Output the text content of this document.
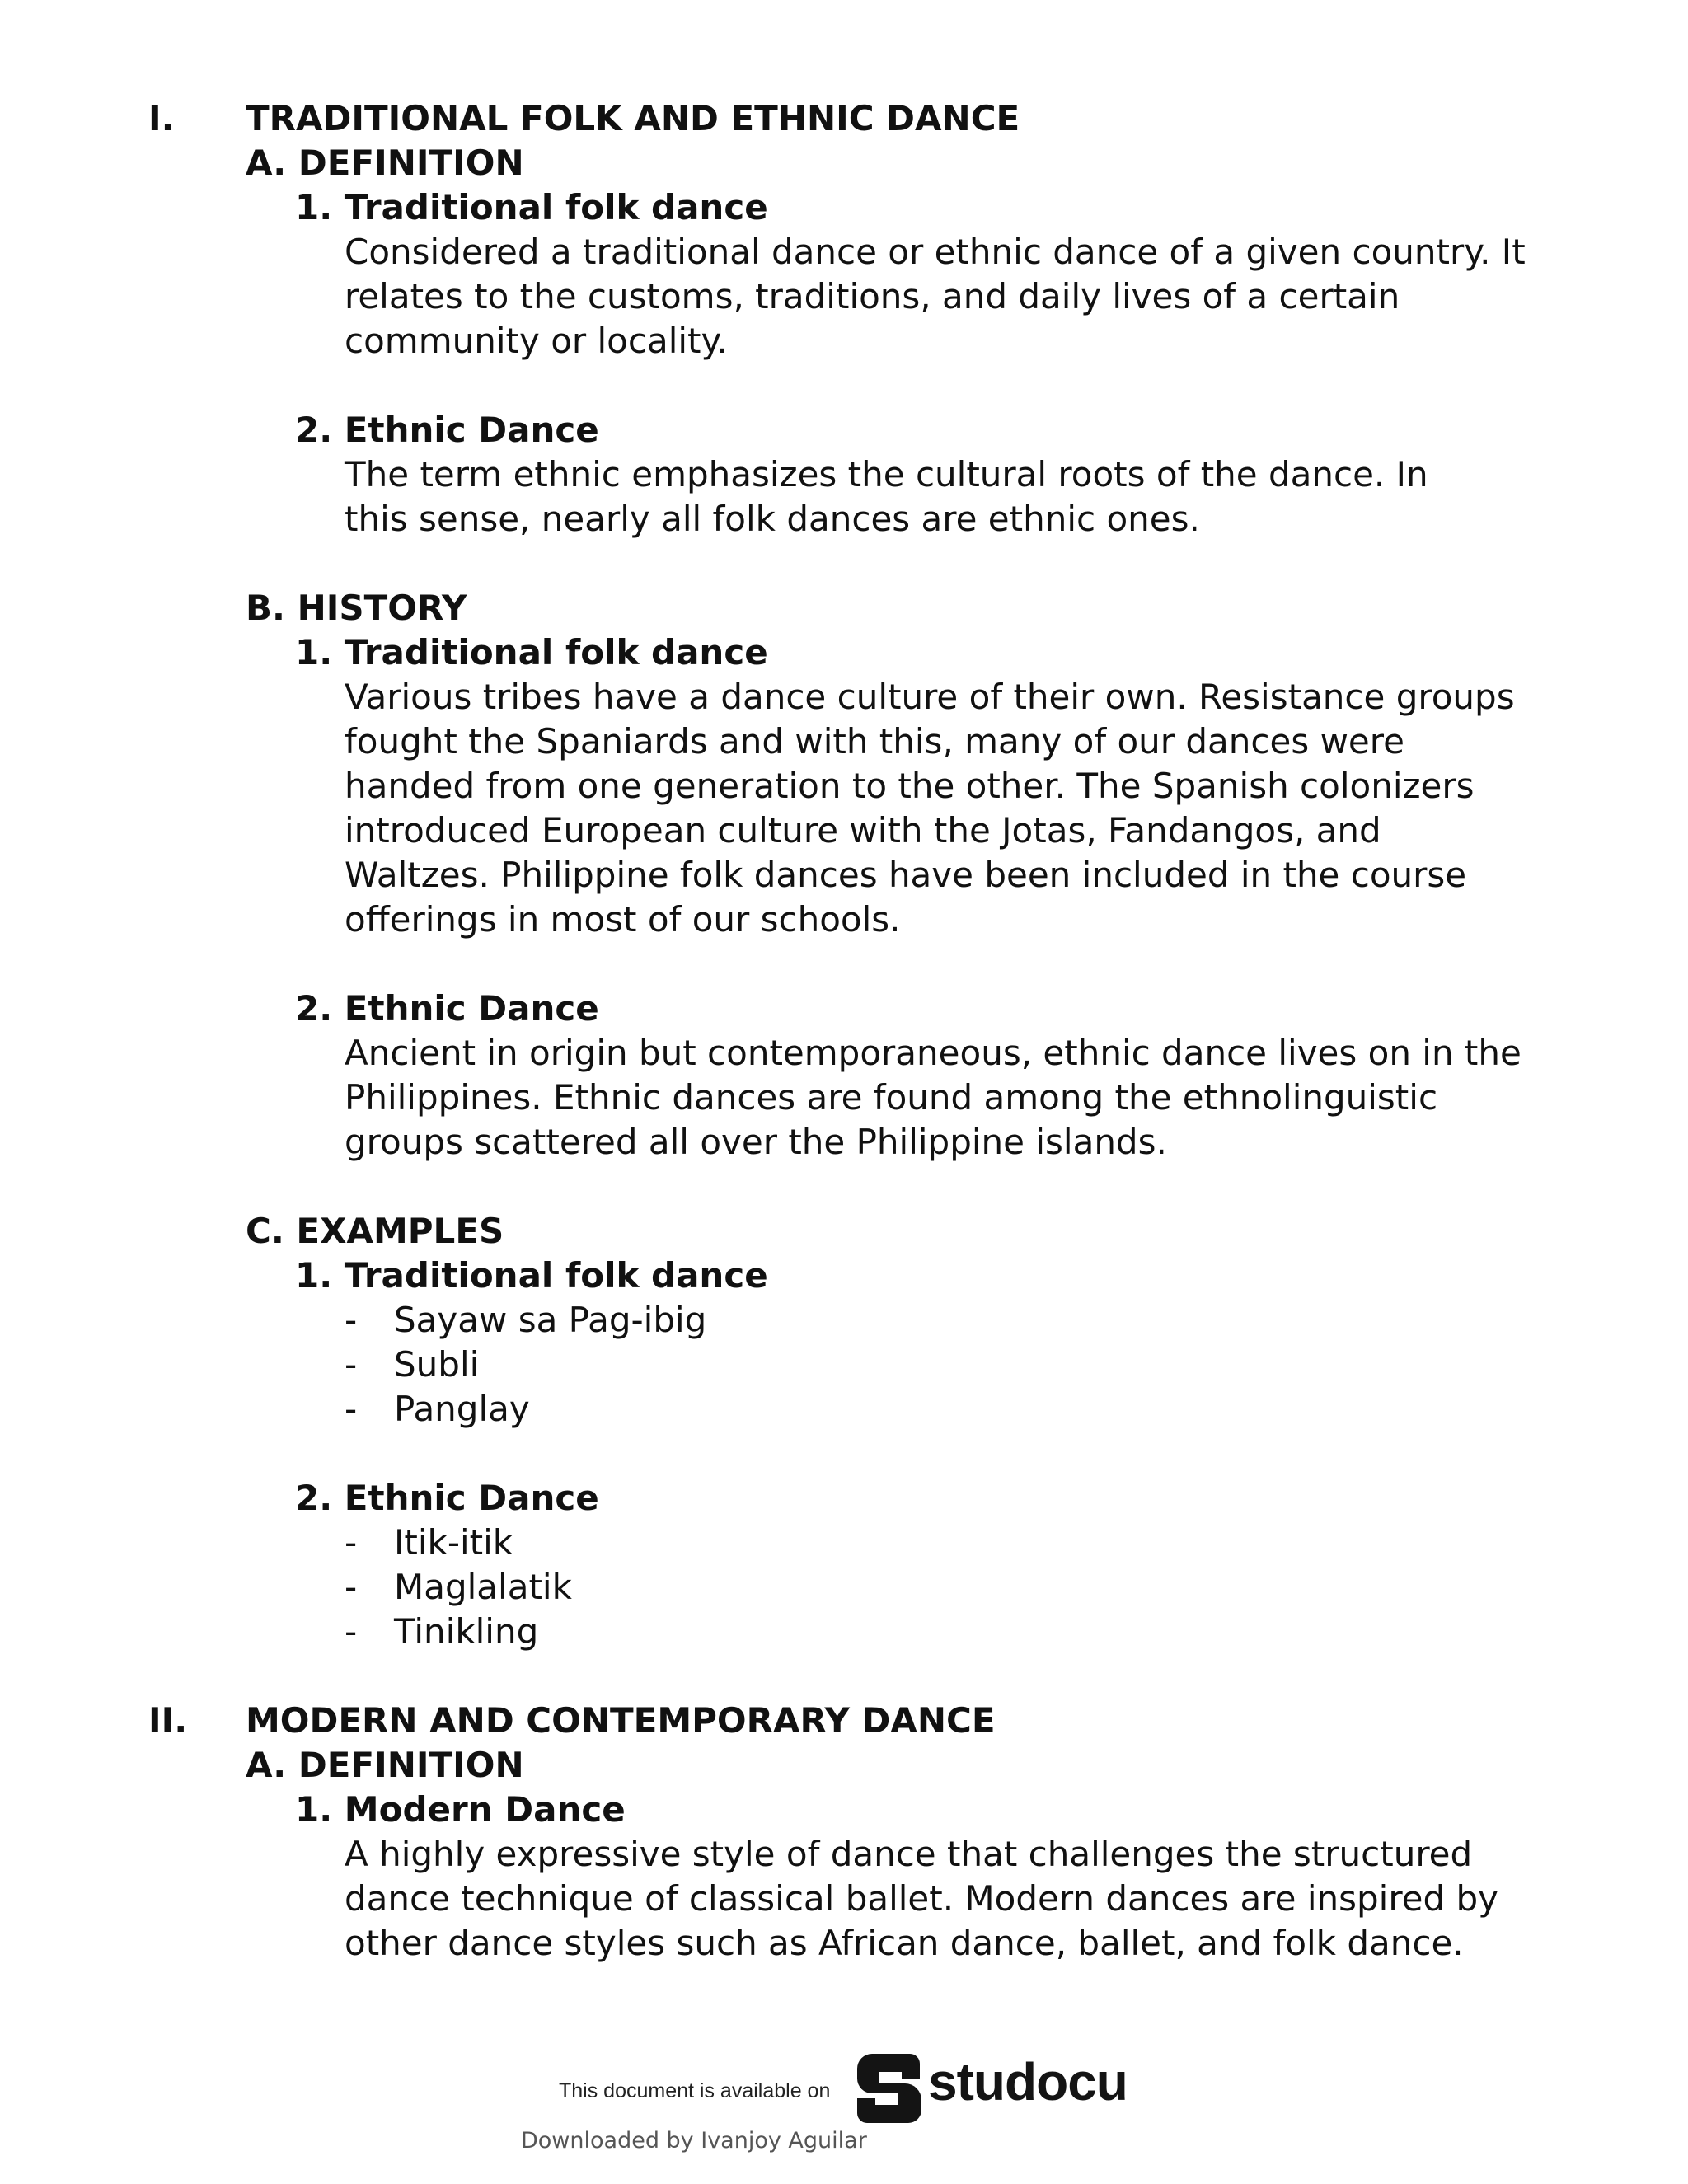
I. TRADITIONAL FOLK AND ETHNIC DANCE
A. DEFINITION
1. Traditional folk dance
Considered a traditional dance or ethnic dance of a given country. It
relates to the customs, traditions, and daily lives of a certain
community or locality.
2. Ethnic Dance
The term ethnic emphasizes the cultural roots of the dance. In
this sense, nearly all folk dances are ethnic ones.
B. HISTORY
1. Traditional folk dance
Various tribes have a dance culture of their own. Resistance groups
fought the Spaniards and with this, many of our dances were
handed from one generation to the other. The Spanish colonizers
introduced European culture with the Jotas, Fandangos, and
Waltzes. Philippine folk dances have been included in the course
offerings in most of our schools.
2. Ethnic Dance
Ancient in origin but contemporaneous, ethnic dance lives on in the
Philippines. Ethnic dances are found among the ethnolinguistic
groups scattered all over the Philippine islands.
C. EXAMPLES
1. Traditional folk dance
- Sayaw sa Pag-ibig
- Subli
- Panglay
2. Ethnic Dance
- Itik-itik
- Maglalatik
- Tinikling
II. MODERN AND CONTEMPORARY DANCE
A. DEFINITION
1. Modern Dance
A highly expressive style of dance that challenges the structured
dance technique of classical ballet. Modern dances are inspired by
other dance styles such as African dance, ballet, and folk dance.
This document is available on studocu
Downloaded by Ivanjoy Aguilar
